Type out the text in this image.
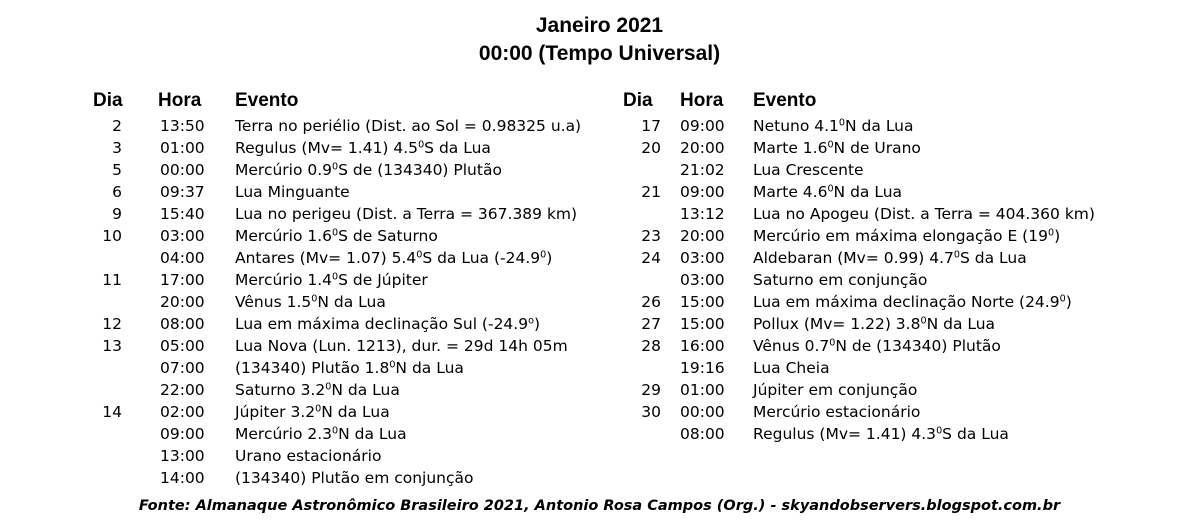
Janeiro 2021
00:00 (Tempo Universal)
Dia Hora Evento
2 13:50 Terra no periélio (Dist. ao Sol = 0.98325 u.a)
3 01:00 Regulus (Mv= 1.41) $4.5^0S$ da Lua
5 00:00 Mercúrio $0.9^0S$ de (134340) Plutão
6 09:37 Lua Minguante
9 15:40 Lua no perigeu (Dist. a Terra = 367.389 km)
10 03:00 Mercúrio $1.6^0S$ de Saturno
04:00 Antares (Mv= 1.07) $5.4^0S$ da Lua (-24.9$^0$)
11 17:00 Mercúrio $1.4^0S$ de Júpiter
20:00 Vênus $1.5^0N$ da Lua
12 08:00 Lua em máxima declinação Sul (-24.9$^o$)
13 05:00 Lua Nova (Lun. 1213), dur. = 29d 14h 05m
07:00 (134340) Plutão $1.8^0N$ da Lua
22:00 Saturno $3.2^0N$ da Lua
14 02:00 Júpiter $3.2^0N$ da Lua
09:00 Mercúrio $2.3^0N$ da Lua
13:00 Urano estacionário
14:00 (134340) Plutão em conjunção
Dia Hora Evento
17 09:00 Netuno $4.1^0N$ da Lua
20 20:00 Marte $1.6^0N$ de Urano
21:02 Lua Crescente
21 09:00 Marte $4.6^0N$ da Lua
13:12 Lua no Apogeu (Dist. a Terra = 404.360 km)
23 20:00 Mercúrio em máxima elongação E $(19^0)$
24 03:00 Aldebaran (Mv= 0.99) $4.7^0S$ da Lua
03:00 Saturno em conjunção
26 15:00 Lua em máxima declinação Norte (24.9$^0$)
27 15:00 Pollux (Mv= 1.22) $3.8^0N$ da Lua
28 16:00 Vênus $0.7^0N$ de (134340) Plutão
19:16 Lua Cheia
29 01:00 Júpiter em conjunção
30 00:00 Mercúrio estacionário
08:00 Regulus (Mv= 1.41) $4.3^0S$ da Lua
Fonte: Almanaque Astronômico Brasileiro 2021, Antonio Rosa Campos (Org.) - skyandobservers.blogspot.com.br
